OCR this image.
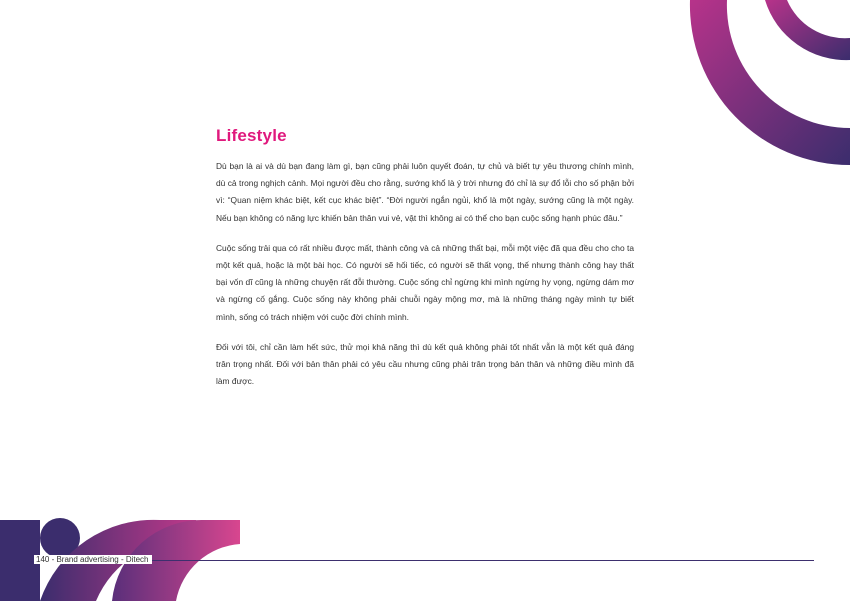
Lifestyle

Dù bạn là ai và dù bạn đang làm gì, bạn cũng phải luôn quyết đoán, tự chủ và biết tự yêu thương chính mình, dù cả trong nghịch cảnh. Mọi người đều cho rằng, sướng khổ là ý trời nhưng đó chỉ là sự đổ lỗi cho số phận bởi vì: “Quan niệm khác biệt, kết cục khác biệt”. “Đời người ngắn ngủi, khổ là một ngày, sướng cũng là một ngày. Nếu bạn không có năng lực khiến bản thân vui vẻ, vật thì không ai có thể cho bạn cuộc sống hạnh phúc đâu.”

Cuộc sống trải qua có rất nhiều được mất, thành công và cả những thất bại, mỗi một việc đã qua đều cho cho ta một kết quả, hoặc là một bài học. Có người sẽ hối tiếc, có người sẽ thất vọng, thế nhưng thành công hay thất bại vốn dĩ cũng là những chuyện rất đỗi thường. Cuộc sống chỉ ngừng khi mình ngừng hy vọng, ngừng dám mơ và ngừng cố gắng. Cuộc sống này không phải chuỗi ngày mộng mơ, mà là những tháng ngày mình tự biết mình, sống có trách nhiệm với cuộc đời chính mình.

Đối với tôi, chỉ cần làm hết sức, thử mọi khả năng thì dù kết quả không phải tốt nhất vẫn là một kết quả đáng trân trọng nhất. Đối với bản thân phải có yêu cầu nhưng cũng phải trân trọng bản thân và những điều mình đã làm được.

140 - Brand advertising - Ditech
